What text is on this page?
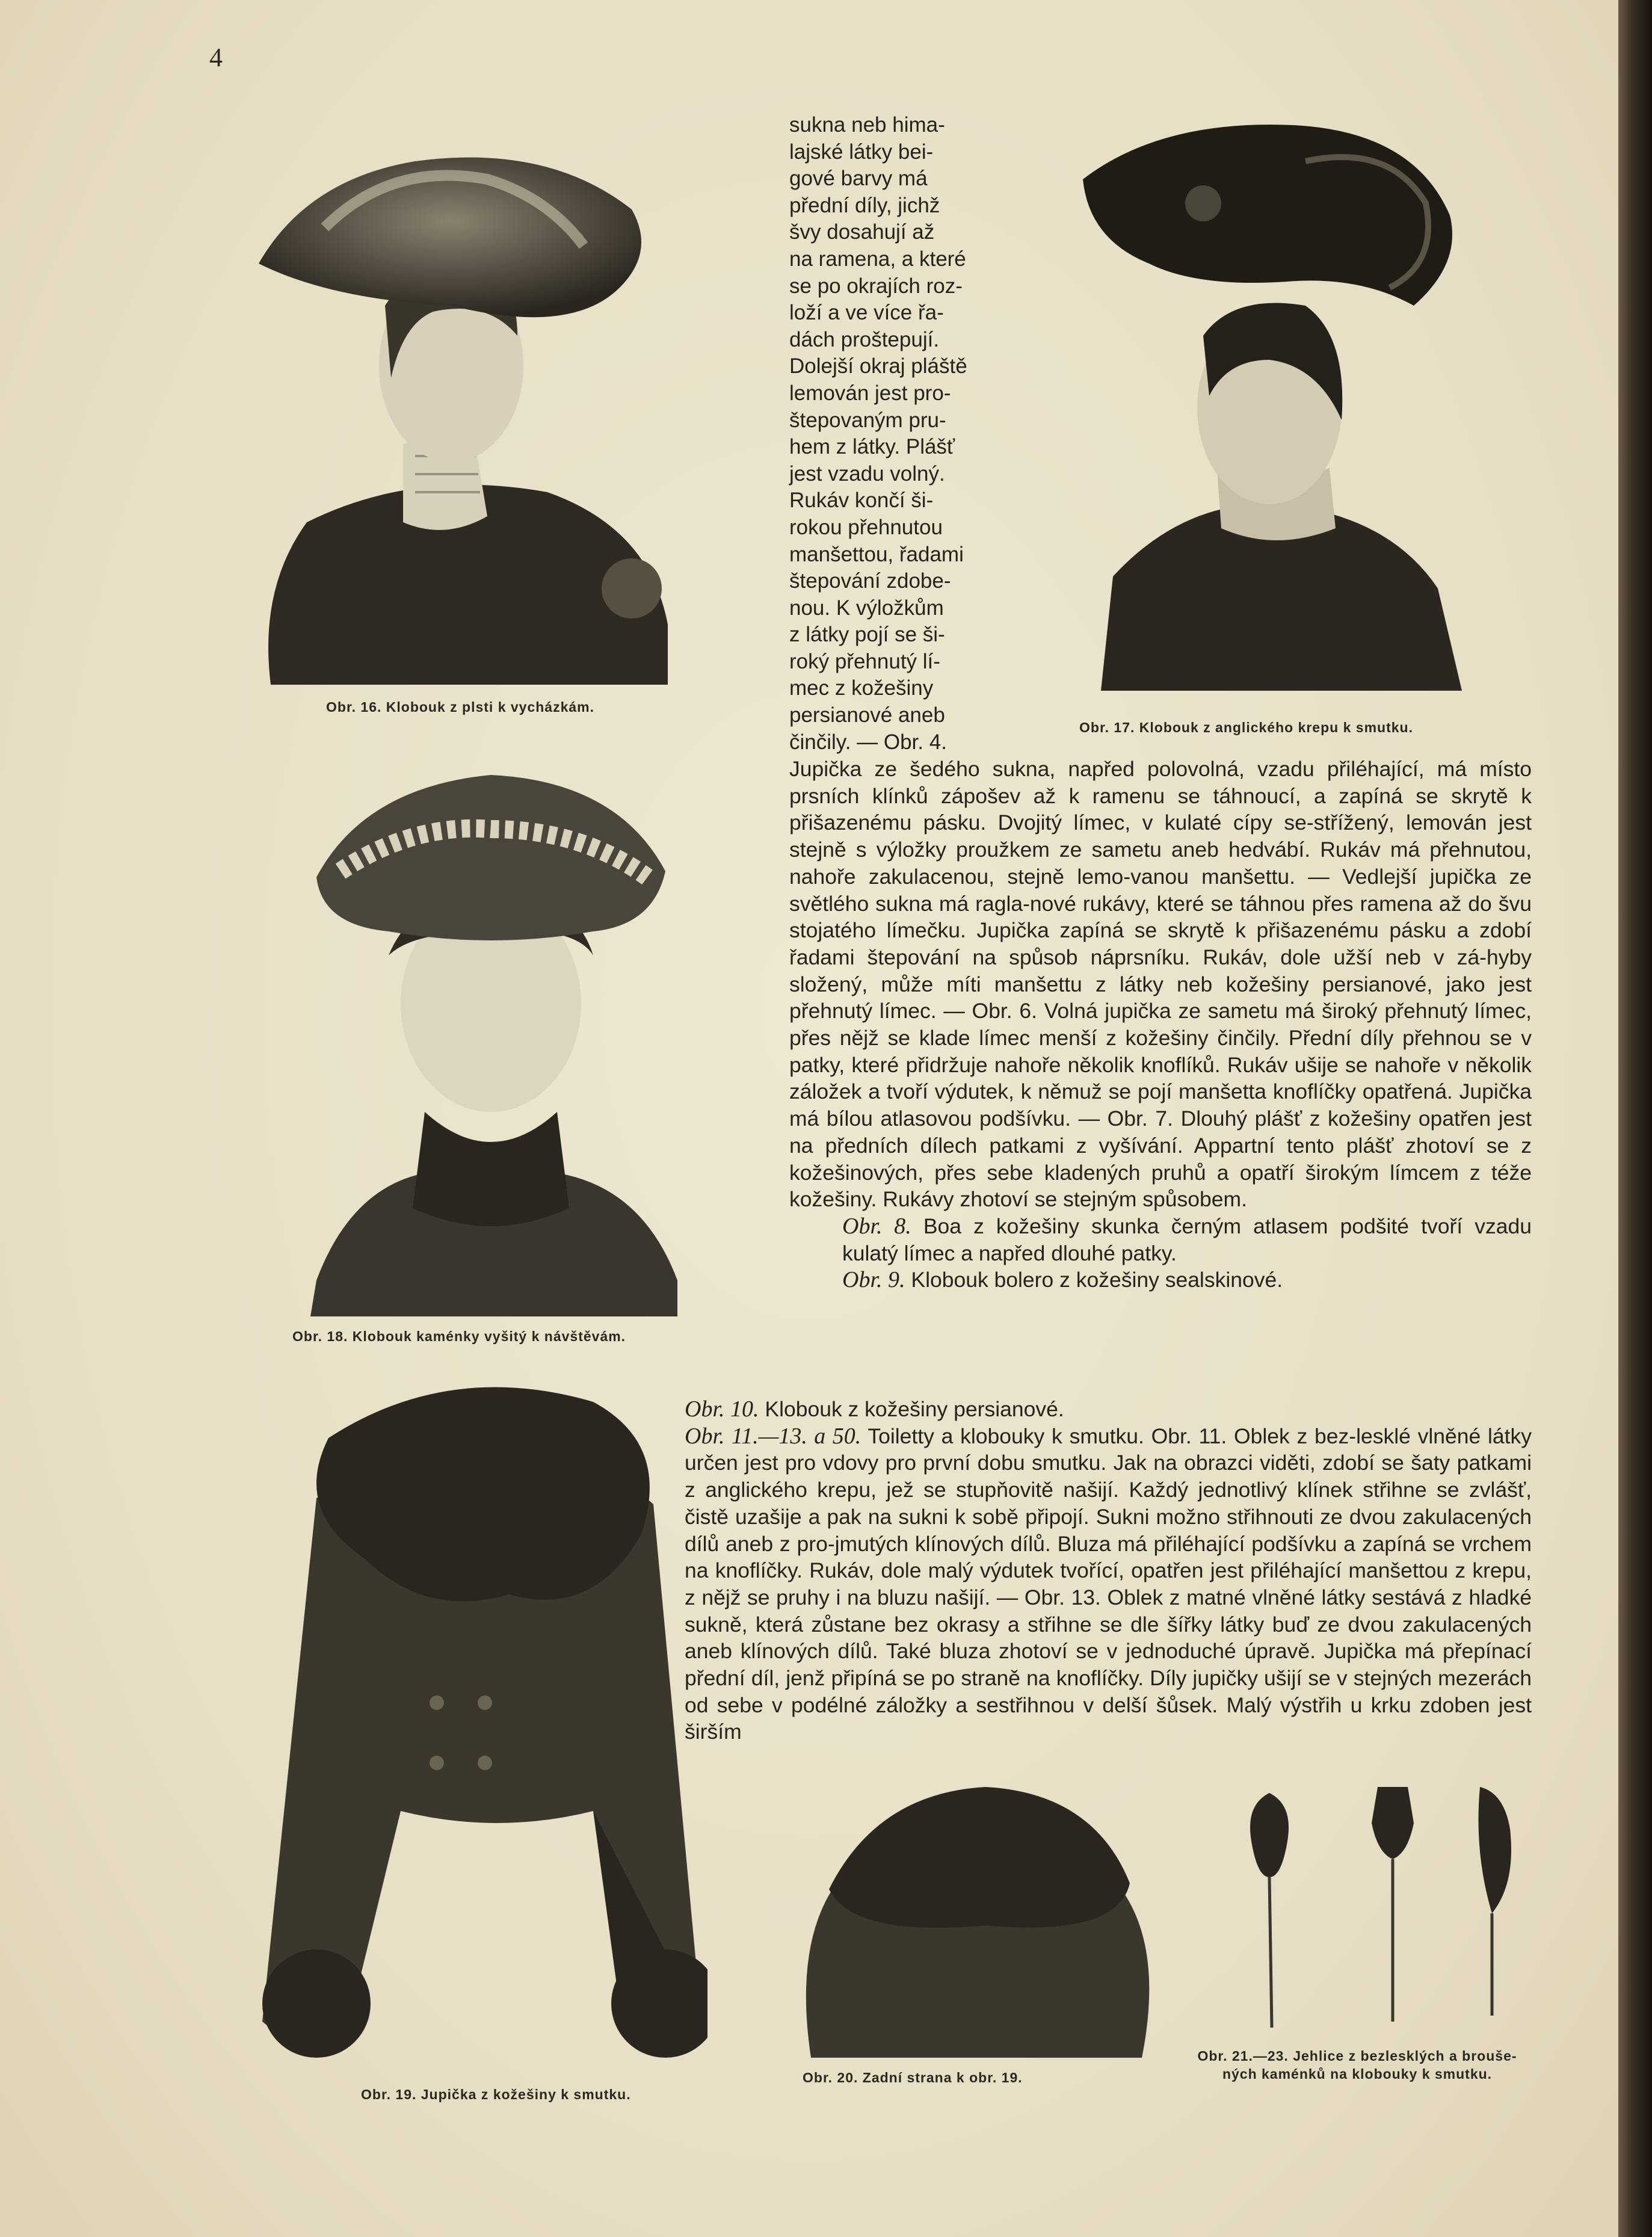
4
Obr. 16. Klobouk z plsti k vycházkám.

sukna neb hima-

lajské látky bei-

gové barvy má

přední díly, jichž

švy dosahují až

na ramena, a které

se po okrajích roz-

loží a ve více řa-

dách proštepují.

Dolejší okraj pláště

lemován jest pro-

štepovaným pru-

hem z látky. Plášť

jest vzadu volný.

Rukáv končí ši-

rokou přehnutou

manšettou, řadami

štepování zdobe-

nou. K výložkům

z látky pojí se ši-

roký přehnutý lí-

mec z kožešiny

persianové aneb

činčily. — Obr. 4.

Obr. 17. Klobouk z anglického krepu k smutku.

Jupička ze šedého sukna, napřed polovolná, vzadu přiléhající, má místo prsních klínků zápošev až k ramenu se táhnoucí, a zapíná se skrytě k přišazenému pásku. Dvojitý límec, v kulaté cípy se-střížený, lemován jest stejně s výložky proužkem ze sametu aneb hedvábí. Rukáv má přehnutou, nahoře zakulacenou, stejně lemo-vanou manšettu. — Vedlejší jupička ze světlého sukna má ragla-nové rukávy, které se táhnou přes ramena až do švu stojatého límečku. Jupička zapíná se skrytě k přišazenému pásku a zdobí řadami štepování na spůsob náprsníku. Rukáv, dole užší neb v zá-hyby složený, může míti manšettu z látky neb kožešiny persianové, jako jest přehnutý límec. — Obr. 6. Volná jupička ze sametu má široký přehnutý límec, přes nějž se klade límec menší z kožešiny činčily. Přední díly přehnou se v patky, které přidržuje nahoře několik knoflíků. Rukáv ušije se nahoře v několik záložek a tvoří výdutek, k němuž se pojí manšetta knoflíčky opatřená. Jupička má bílou atlasovou podšívku. — Obr. 7. Dlouhý plášť z kožešiny opatřen jest na předních dílech patkami z vyšívání. Appartní tento plášť zhotoví se z kožešinových, přes sebe kladených pruhů a opatří širokým límcem z téže kožešiny. Rukávy zhotoví se stejným spůsobem.

Obr. 8. Boa z kožešiny skunka černým atlasem podšité tvoří vzadu kulatý límec a napřed dlouhé patky.

Obr. 9. Klobouk bolero z kožešiny sealskinové.

Obr. 18. Klobouk kaménky vyšitý k návštěvám.

Obr. 10. Klobouk z kožešiny persianové.

Obr. 11.—13. a 50. Toiletty a klobouky k smutku. Obr. 11. Oblek z bez-lesklé vlněné látky určen jest pro vdovy pro první dobu smutku. Jak na obrazci viděti, zdobí se šaty patkami z anglického krepu, jež se stupňovitě našijí. Každý jednotlivý klínek střihne se zvlášť, čistě uzašije a pak na sukni k sobě připojí. Sukni možno střihnouti ze dvou zakulacených dílů aneb z pro-jmutých klínových dílů. Bluza má přiléhající podšívku a zapíná se vrchem na knoflíčky. Rukáv, dole malý výdutek tvořící, opatřen jest přiléhající manšettou z krepu, z nějž se pruhy i na bluzu našijí. — Obr. 13. Oblek z matné vlněné látky sestává z hladké sukně, která zůstane bez okrasy a střihne se dle šířky látky buď ze dvou zakulacených aneb klínových dílů. Také bluza zhotoví se v jednoduché úpravě. Jupička má přepínací přední díl, jenž připíná se po straně na knoflíčky. Díly jupičky ušijí se v stejných mezerách od sebe v podélné záložky a sestřihnou v delší šůsek. Malý výstřih u krku zdoben jest širším

Obr. 19. Jupička z kožešiny k smutku.
Obr. 20. Zadní strana k obr. 19.
Obr. 21.—23. Jehlice z bezlesklých a brouše-
ných kaménků na klobouky k smutku.
